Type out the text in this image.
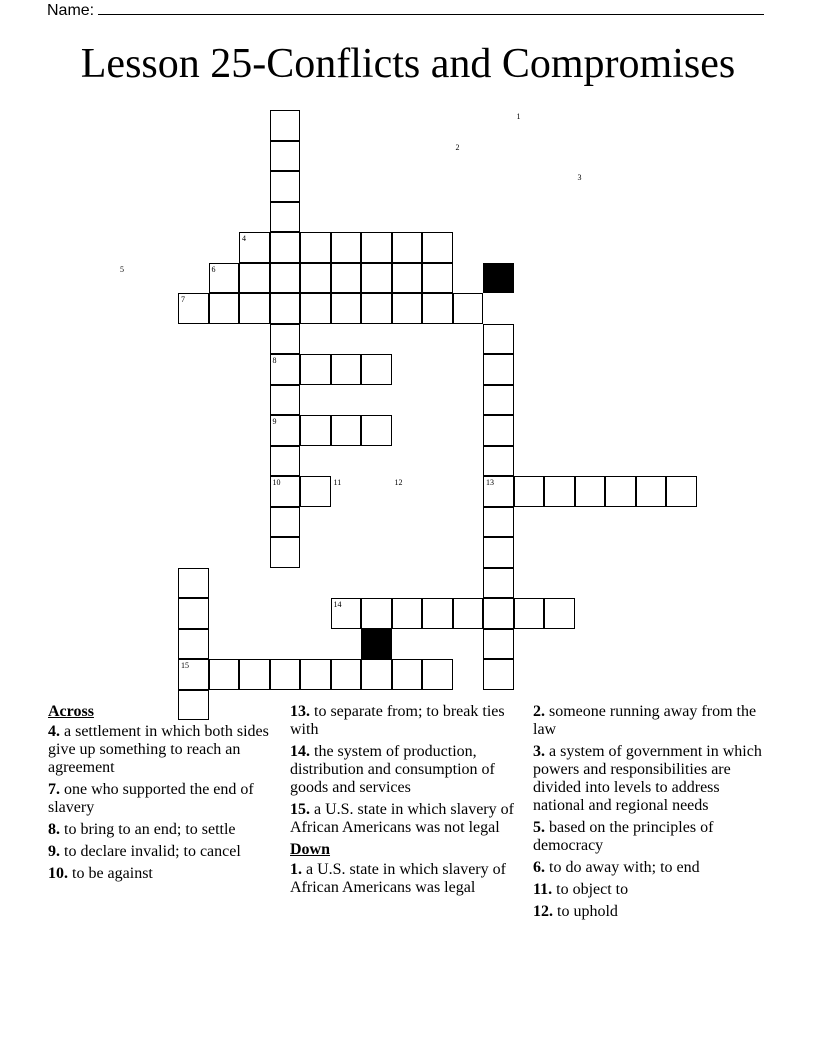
Name:
Lesson 25-Conflicts and Compromises
1
2
3
4
5	6
7
8
9
10	11	12	13
14
15
Across
4. a settlement in which both sides give up something to reach an agreement
7. one who supported the end of slavery
8. to bring to an end; to settle
9. to declare invalid; to cancel
10. to be against
13. to separate from; to break ties with
14. the system of production, distribution and consumption of goods and services
15. a U.S. state in which slavery of African Americans was not legal
Down
1. a U.S. state in which slavery of African Americans was legal
2. someone running away from the law
3. a system of government in which powers and responsibilities are divided into levels to address national and regional needs
5. based on the principles of democracy
6. to do away with; to end
11. to object to
12. to uphold
